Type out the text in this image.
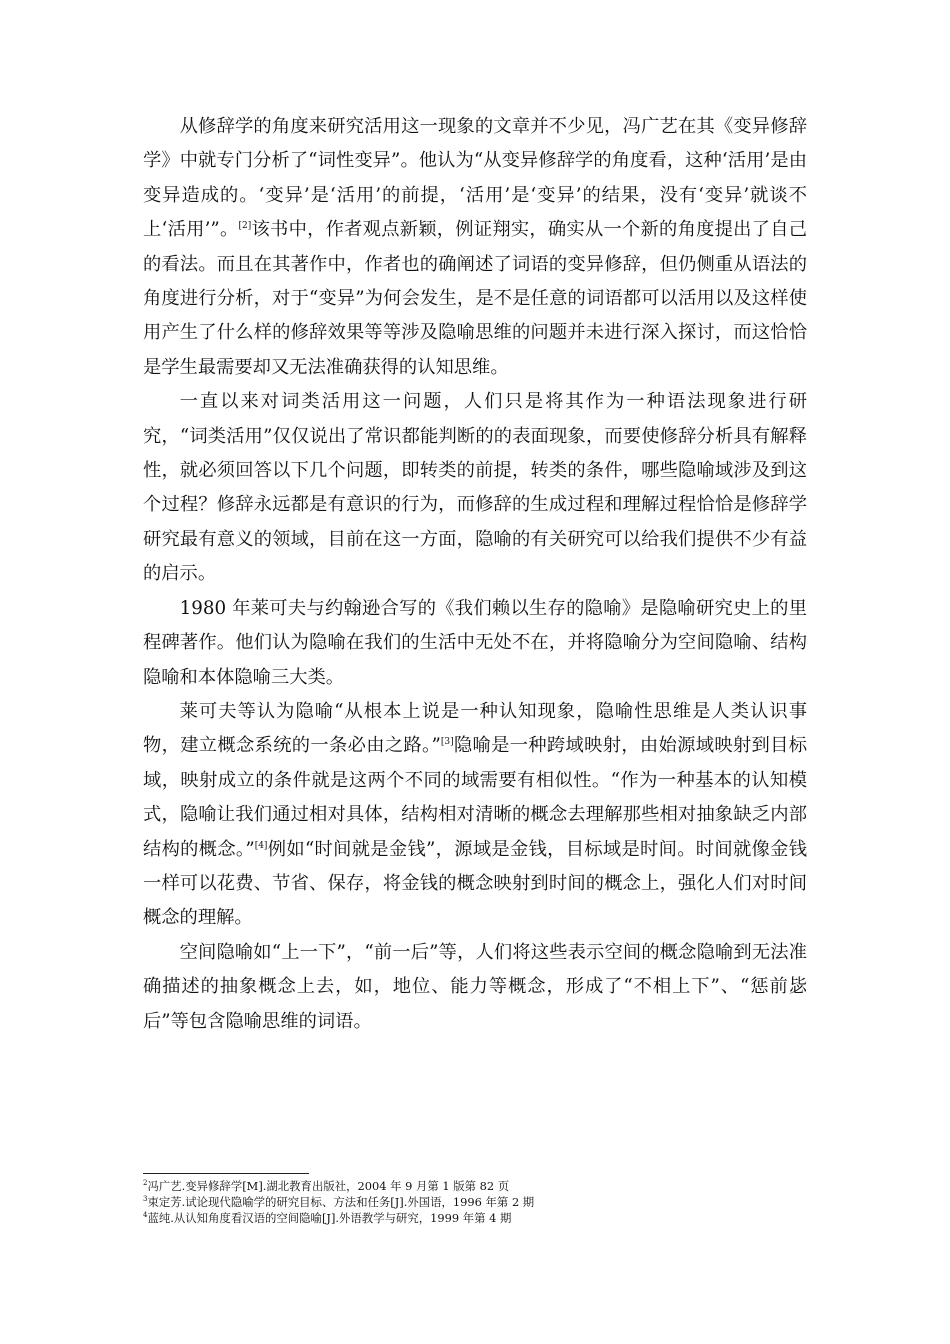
从修辞学的角度来研究活用这一现象的文章并不少见，冯广艺在其《变异修辞学》中就专门分析了“词性变异”。他认为“从变异修辞学的角度看，这种‘活用’是由变异造成的。‘变异’是‘活用’的前提，‘活用’是‘变异’的结果，没有‘变异’就谈不上‘活用’”。[2]该书中，作者观点新颖，例证翔实，确实从一个新的角度提出了自己的看法。而且在其著作中，作者也的确阐述了词语的变异修辞，但仍侧重从语法的角度进行分析，对于“变异”为何会发生，是不是任意的词语都可以活用以及这样使用产生了什么样的修辞效果等等涉及隐喻思维的问题并未进行深入探讨，而这恰恰是学生最需要却又无法准确获得的认知思维。

一直以来对词类活用这一问题，人们只是将其作为一种语法现象进行研究，“词类活用”仅仅说出了常识都能判断的的表面现象，而要使修辞分析具有解释性，就必须回答以下几个问题，即转类的前提，转类的条件，哪些隐喻域涉及到这个过程？修辞永远都是有意识的行为，而修辞的生成过程和理解过程恰恰是修辞学研究最有意义的领域，目前在这一方面，隐喻的有关研究可以给我们提供不少有益的启示。

1980 年莱可夫与约翰逊合写的《我们赖以生存的隐喻》是隐喻研究史上的里程碑著作。他们认为隐喻在我们的生活中无处不在，并将隐喻分为空间隐喻、结构隐喻和本体隐喻三大类。

莱可夫等认为隐喻“从根本上说是一种认知现象，隐喻性思维是人类认识事物，建立概念系统的一条必由之路。”[3]隐喻是一种跨域映射，由始源域映射到目标域，映射成立的条件就是这两个不同的域需要有相似性。“作为一种基本的认知模式，隐喻让我们通过相对具体，结构相对清晰的概念去理解那些相对抽象缺乏内部结构的概念。”[4]例如“时间就是金钱”，源域是金钱，目标域是时间。时间就像金钱一样可以花费、节省、保存，将金钱的概念映射到时间的概念上，强化人们对时间概念的理解。

空间隐喻如“上一下”，“前一后”等，人们将这些表示空间的概念隐喻到无法准确描述的抽象概念上去，如，地位、能力等概念，形成了“不相上下”、“惩前毖后”等包含隐喻思维的词语。

$^2$冯广艺.变异修辞学[M].湖北教育出版社，2004 年 9 月第 1 版第 82 页

$^3$束定芳.试论现代隐喻学的研究目标、方法和任务[J].外国语，1996 年第 2 期

$^4$蓝纯.从认知角度看汉语的空间隐喻[J].外语教学与研究，1999 年第 4 期
